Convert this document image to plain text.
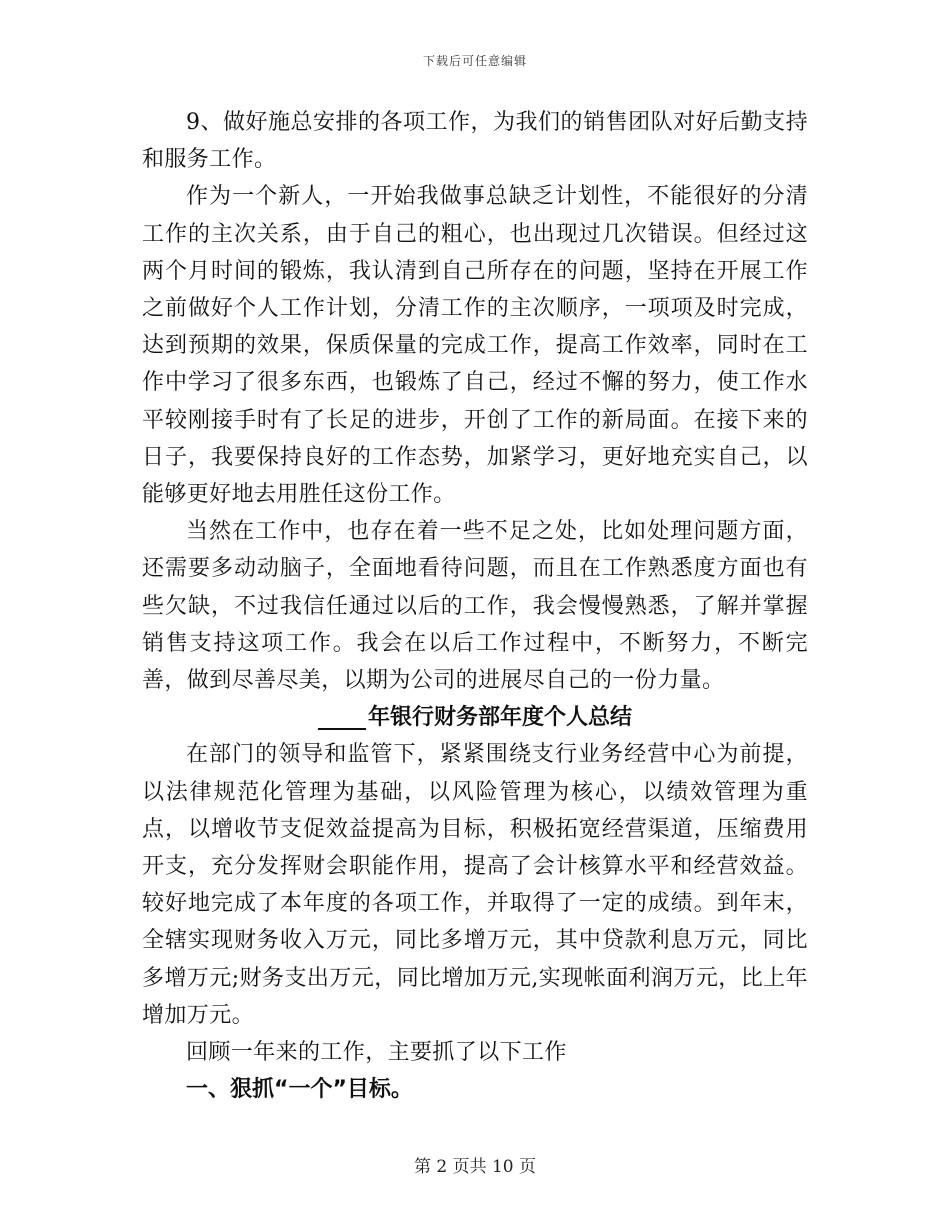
下载后可任意编辑

9、做好施总安排的各项工作，为我们的销售团队对好后勤支持和服务工作。

作为一个新人，一开始我做事总缺乏计划性，不能很好的分清工作的主次关系，由于自己的粗心，也出现过几次错误。但经过这两个月时间的锻炼，我认清到自己所存在的问题，坚持在开展工作之前做好个人工作计划，分清工作的主次顺序，一项项及时完成，达到预期的效果，保质保量的完成工作，提高工作效率，同时在工作中学习了很多东西，也锻炼了自己，经过不懈的努力，使工作水平较刚接手时有了长足的进步，开创了工作的新局面。在接下来的日子，我要保持良好的工作态势，加紧学习，更好地充实自己，以能够更好地去用胜任这份工作。

当然在工作中，也存在着一些不足之处，比如处理问题方面，还需要多动动脑子，全面地看待问题，而且在工作熟悉度方面也有些欠缺，不过我信任通过以后的工作，我会慢慢熟悉，了解并掌握销售支持这项工作。我会在以后工作过程中，不断努力，不断完善，做到尽善尽美，以期为公司的进展尽自己的一份力量。

年银行财务部年度个人总结

在部门的领导和监管下，紧紧围绕支行业务经营中心为前提，以法律规范化管理为基础，以风险管理为核心，以绩效管理为重点，以增收节支促效益提高为目标，积极拓宽经营渠道，压缩费用开支，充分发挥财会职能作用，提高了会计核算水平和经营效益。较好地完成了本年度的各项工作，并取得了一定的成绩。到年末，全辖实现财务收入万元，同比多增万元，其中贷款利息万元，同比多增万元;财务支出万元，同比增加万元,实现帐面利润万元，比上年增加万元。

回顾一年来的工作，主要抓了以下工作

一、狠抓“一个”目标。

第 2 页共 10 页
